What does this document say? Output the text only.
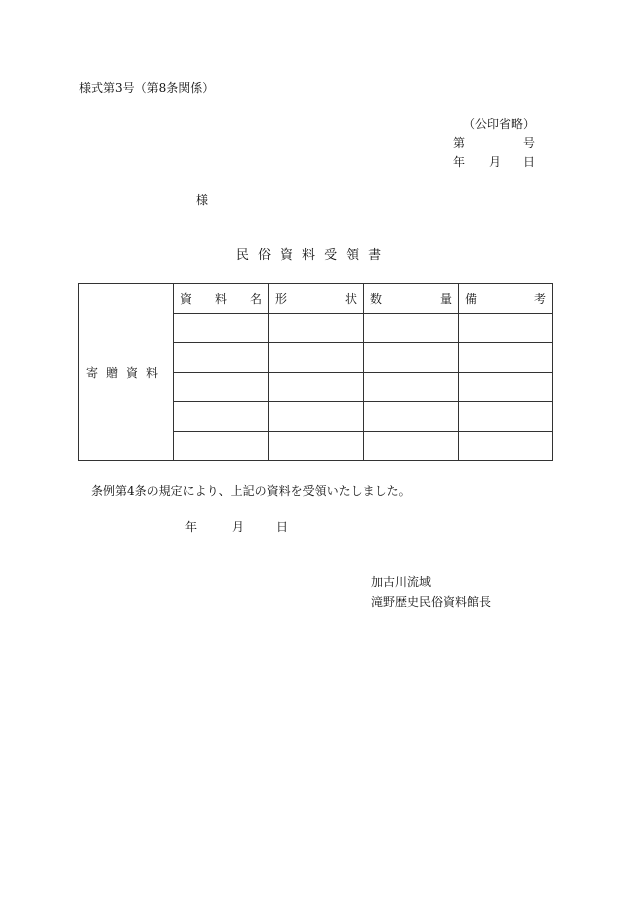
様式第3号（第8条関係）
（公印省略）
第	号
年 月 日
様
民俗資料受領書
寄贈資料	資 料 名	形 状	数 量	備 考

条例第4条の規定により、上記の資料を受領いたしました。
年	月	日
加古川流域
滝野歴史民俗資料館長
